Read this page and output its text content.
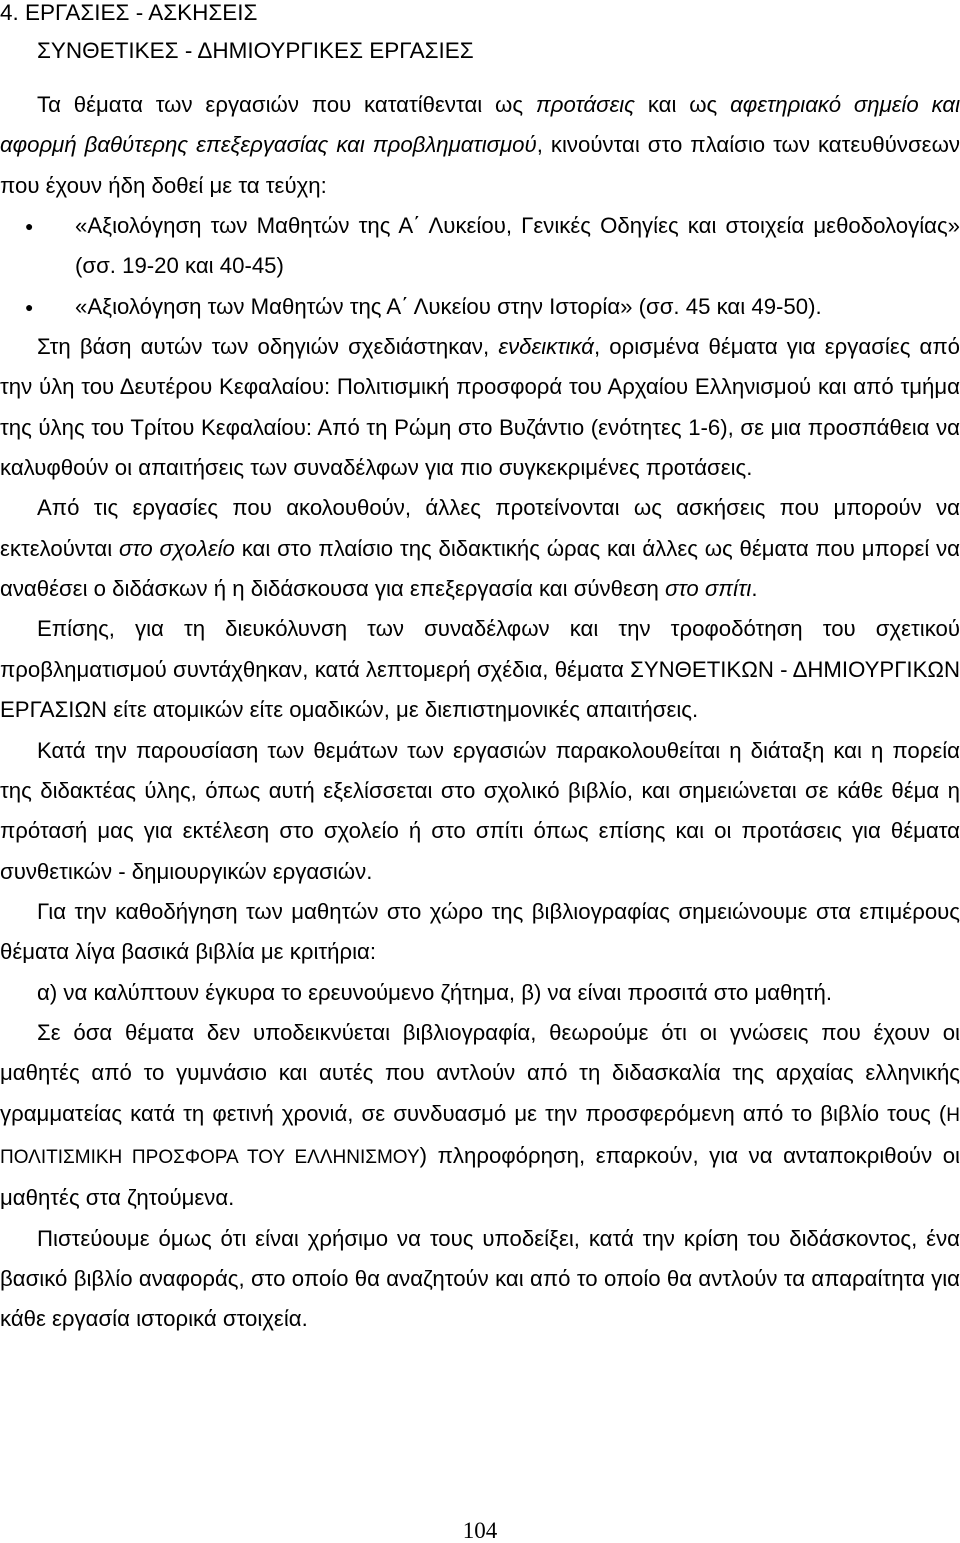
4. ΕΡΓΑΣΙΕΣ - ΑΣΚΗΣΕΙΣ
ΣΥΝΘΕΤΙΚΕΣ - ΔΗΜΙΟΥΡΓΙΚΕΣ ΕΡΓΑΣΙΕΣ

Τα θέματα των εργασιών που κατατίθενται ως προτάσεις και ως αφετηριακό σημείο και αφορμή βαθύτερης επεξεργασίας και προβληματισμού, κινούνται στο πλαίσιο των κατευθύνσεων που έχουν ήδη δοθεί με τα τεύχη:

● «Αξιολόγηση των Μαθητών της Α΄ Λυκείου, Γενικές Οδηγίες και στοιχεία μεθοδολογίας» (σσ. 19-20 και 40-45)
● «Αξιολόγηση των Μαθητών της Α΄ Λυκείου στην Ιστορία» (σσ. 45 και 49-50).

Στη βάση αυτών των οδηγιών σχεδιάστηκαν, ενδεικτικά, ορισμένα θέματα για εργασίες από την ύλη του Δευτέρου Κεφαλαίου: Πολιτισμική προσφορά του Αρχαίου Ελληνισμού και από τμήμα της ύλης του Τρίτου Κεφαλαίου: Από τη Ρώμη στο Βυζάντιο (ενότητες 1-6), σε μια προσπάθεια να καλυφθούν οι απαιτήσεις των συναδέλφων για πιο συγκεκριμένες προτάσεις.

Από τις εργασίες που ακολουθούν, άλλες προτείνονται ως ασκήσεις που μπορούν να εκτελούνται στο σχολείο και στο πλαίσιο της διδακτικής ώρας και άλλες ως θέματα που μπορεί να αναθέσει ο διδάσκων ή η διδάσκουσα για επεξεργασία και σύνθεση στο σπίτι.

Επίσης, για τη διευκόλυνση των συναδέλφων και την τροφοδότηση του σχετικού προβληματισμού συντάχθηκαν, κατά λεπτομερή σχέδια, θέματα ΣΥΝΘΕΤΙΚΩΝ - ΔΗΜΙΟΥΡΓΙΚΩΝ ΕΡΓΑΣΙΩΝ είτε ατομικών είτε ομαδικών, με διεπιστημονικές απαιτήσεις.

Κατά την παρουσίαση των θεμάτων των εργασιών παρακολουθείται η διάταξη και η πορεία της διδακτέας ύλης, όπως αυτή εξελίσσεται στο σχολικό βιβλίο, και σημειώνεται σε κάθε θέμα η πρότασή μας για εκτέλεση στο σχολείο ή στο σπίτι όπως επίσης και οι προτάσεις για θέματα συνθετικών - δημιουργικών εργασιών.

Για την καθοδήγηση των μαθητών στο χώρο της βιβλιογραφίας σημειώνουμε στα επιμέρους θέματα λίγα βασικά βιβλία με κριτήρια:

α) να καλύπτουν έγκυρα το ερευνούμενο ζήτημα, β) να είναι προσιτά στο μαθητή.

Σε όσα θέματα δεν υποδεικνύεται βιβλιογραφία, θεωρούμε ότι οι γνώσεις που έχουν οι μαθητές από το γυμνάσιο και αυτές που αντλούν από τη διδασκαλία της αρχαίας ελληνικής γραμματείας κατά τη φετινή χρονιά, σε συνδυασμό με την προσφερόμενη από το βιβλίο τους (Η ΠΟΛΙΤΙΣΜΙΚΗ ΠΡΟΣΦΟΡΑ ΤΟΥ ΕΛΛΗΝΙΣΜΟΥ) πληροφόρηση, επαρκούν, για να ανταποκριθούν οι μαθητές στα ζητούμενα.

Πιστεύουμε όμως ότι είναι χρήσιμο να τους υποδείξει, κατά την κρίση του διδάσκοντος, ένα βασικό βιβλίο αναφοράς, στο οποίο θα αναζητούν και από το οποίο θα αντλούν τα απαραίτητα για κάθε εργασία ιστορικά στοιχεία.

104
